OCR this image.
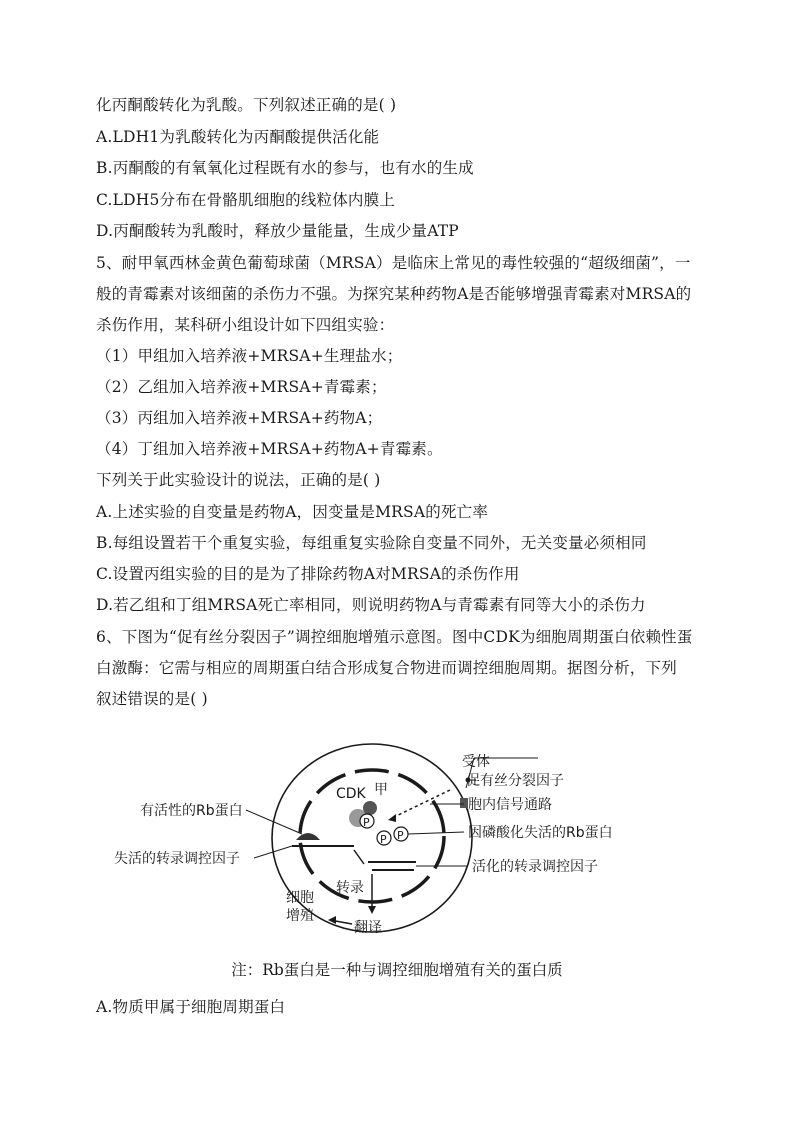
化丙酮酸转化为乳酸。下列叙述正确的是( )
A.LDH1为乳酸转化为丙酮酸提供活化能
B.丙酮酸的有氧氧化过程既有水的参与，也有水的生成
C.LDH5分布在骨骼肌细胞的线粒体内膜上
D.丙酮酸转为乳酸时，释放少量能量，生成少量ATP
5、耐甲氧西林金黄色葡萄球菌（MRSA）是临床上常见的毒性较强的“超级细菌”，一
般的青霉素对该细菌的杀伤力不强。为探究某种药物A是否能够增强青霉素对MRSA的
杀伤作用，某科研小组设计如下四组实验：
（1）甲组加入培养液+MRSA+生理盐水；
（2）乙组加入培养液+MRSA+青霉素；
（3）丙组加入培养液+MRSA+药物A；
（4）丁组加入培养液+MRSA+药物A+青霉素。
下列关于此实验设计的说法，正确的是( )
A.上述实验的自变量是药物A，因变量是MRSA的死亡率
B.每组设置若干个重复实验，每组重复实验除自变量不同外，无关变量必须相同
C.设置丙组实验的目的是为了排除药物A对MRSA的杀伤作用
D.若乙组和丁组MRSA死亡率相同，则说明药物A与青霉素有同等大小的杀伤力
6、下图为“促有丝分裂因子”调控细胞增殖示意图。图中CDK为细胞周期蛋白依赖性蛋
白激酶：它需与相应的周期蛋白结合形成复合物进而调控细胞周期。据图分析，下列
叙述错误的是( )
受体
促有丝分裂因子
胞内信号通路
CDK 甲
P
P P	因磷酸化失活的Rb蛋白
有活性的Rb蛋白
失活的转录调控因子	活化的转录调控因子
转录
翻译
细胞
增殖
注：Rb蛋白是一种与调控细胞增殖有关的蛋白质
A.物质甲属于细胞周期蛋白
